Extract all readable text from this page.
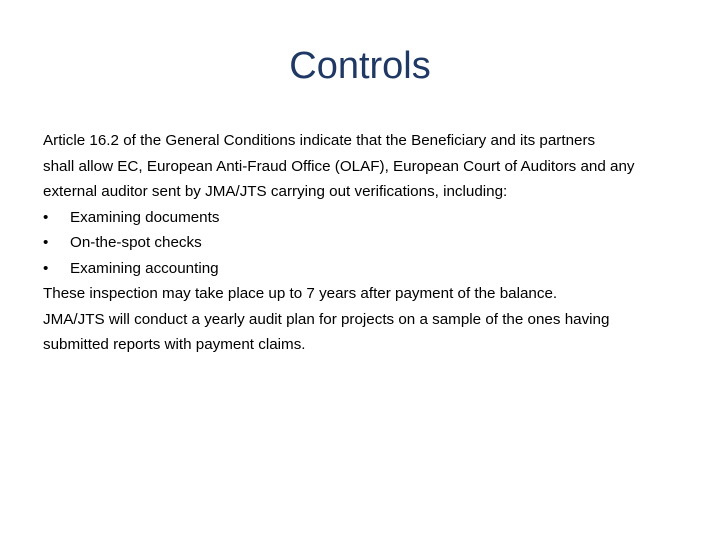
Controls
Article 16.2 of the General Conditions indicate that the Beneficiary and its partners
shall allow EC, European Anti-Fraud Office (OLAF), European Court of Auditors and any
external auditor sent by JMA/JTS carrying out verifications, including:
• Examining documents
• On-the-spot checks
• Examining accounting
These inspection may take place up to 7 years after payment of the balance.
JMA/JTS will conduct a yearly audit plan for projects on a sample of the ones having
submitted reports with payment claims.
